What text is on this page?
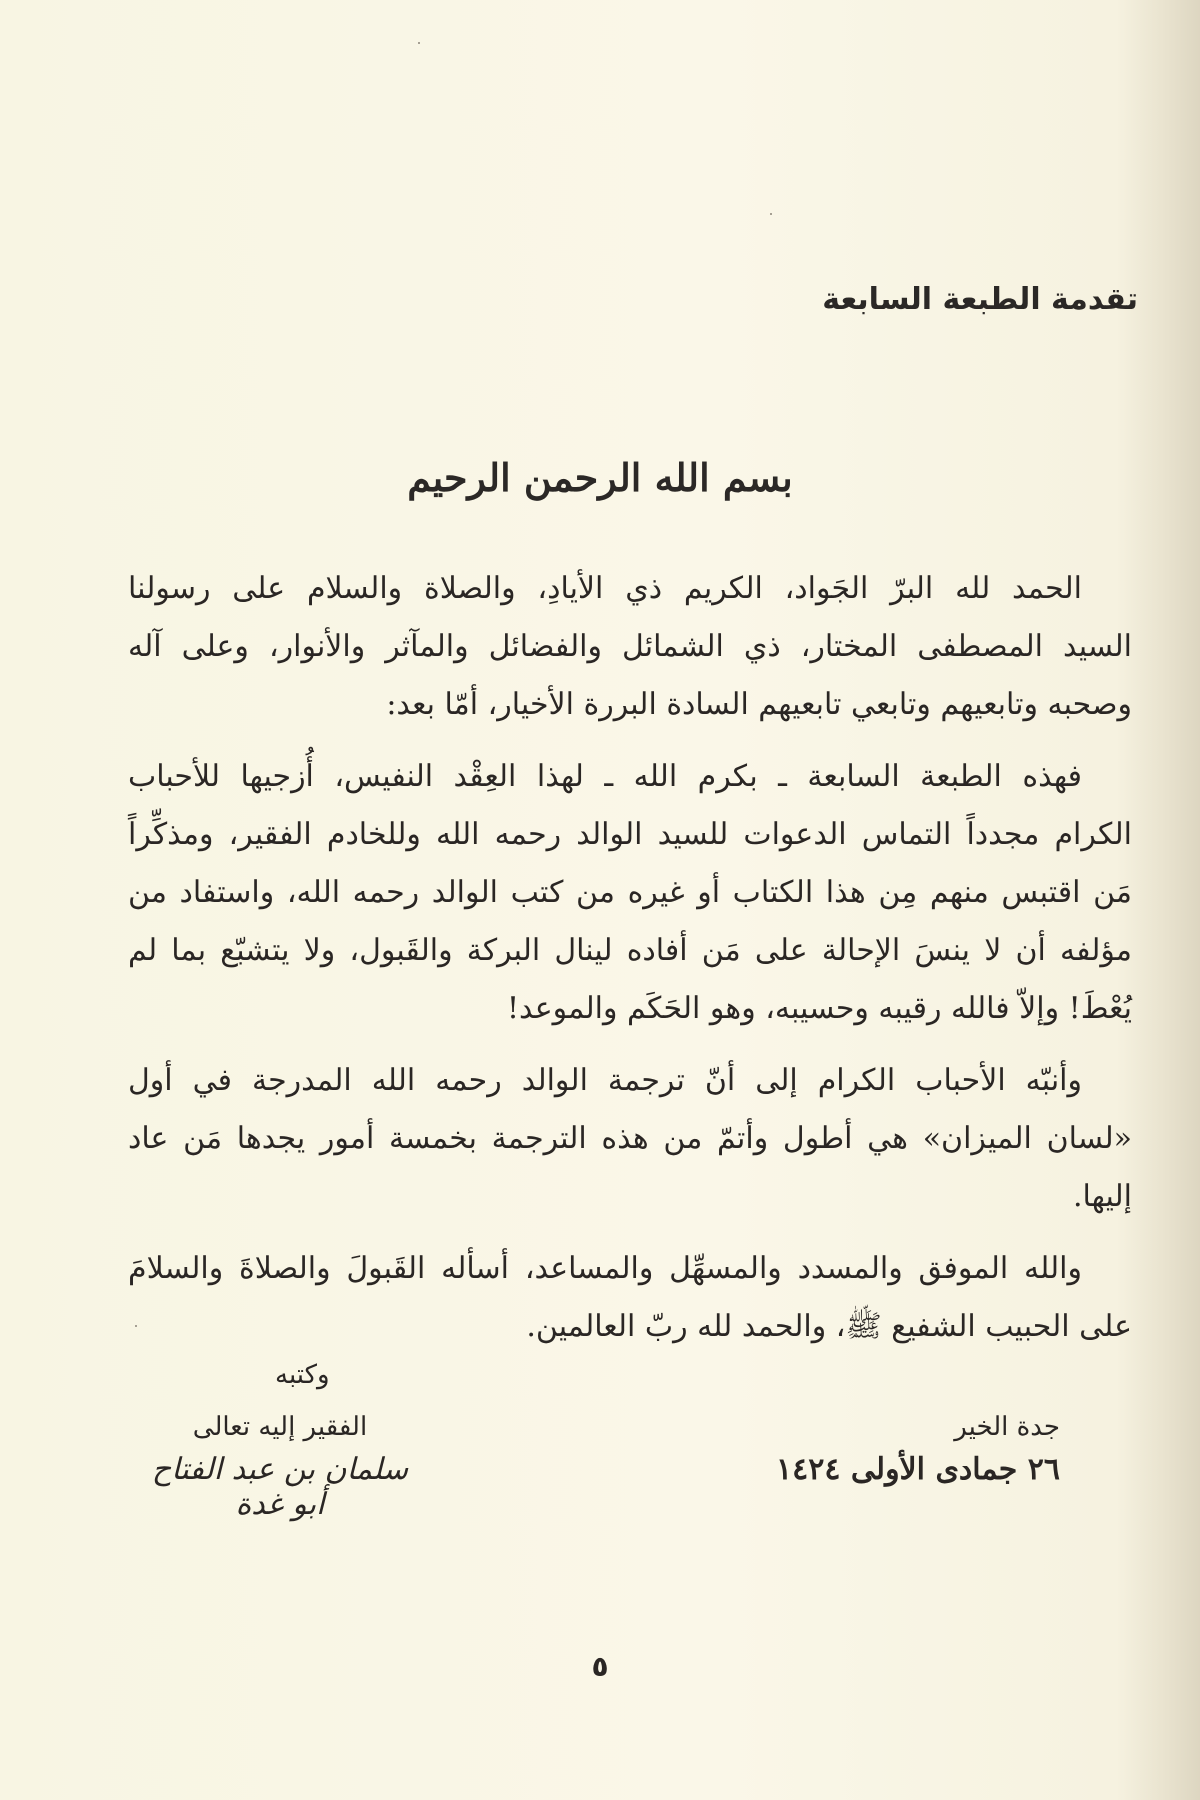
تقدمة الطبعة السابعة
بسم الله الرحمن الرحيم

الحمد لله البرّ الجَواد، الكريم ذي الأيادِ، والصلاة والسلام على رسولنا
السيد المصطفى المختار، ذي الشمائل والفضائل والمآثر والأنوار، وعلى آله
وصحبه وتابعيهم وتابعي تابعيهم السادة البررة الأخيار، أمّا بعد:

فهذه الطبعة السابعة ـ بكرم الله ـ لهذا العِقْد النفيس، أُزجيها للأحباب
الكرام مجدداً التماس الدعوات للسيد الوالد رحمه الله وللخادم الفقير، ومذكِّراً
مَن اقتبس منهم مِن هذا الكتاب أو غيره من كتب الوالد رحمه الله، واستفاد من
مؤلفه أن لا ينسَ الإحالة على مَن أفاده لينال البركة والقَبول، ولا يتشبّع بما لم
يُعْطَ! وإلاّ فالله رقيبه وحسيبه، وهو الحَكَم والموعد!

وأنبّه الأحباب الكرام إلى أنّ ترجمة الوالد رحمه الله المدرجة في أول
«لسان الميزان» هي أطول وأتمّ من هذه الترجمة بخمسة أمور يجدها مَن عاد إليها.

والله الموفق والمسدد والمسهِّل والمساعد، أسأله القَبولَ والصلاةَ والسلامَ
على الحبيب الشفيع ﷺ، والحمد لله ربّ العالمين.

وكتبه
الفقير إليه تعالى
سلمان بن عبد الفتاح أبو غدة
جدة الخير
٢٦ جمادى الأولى ١٤٢٤
٥
